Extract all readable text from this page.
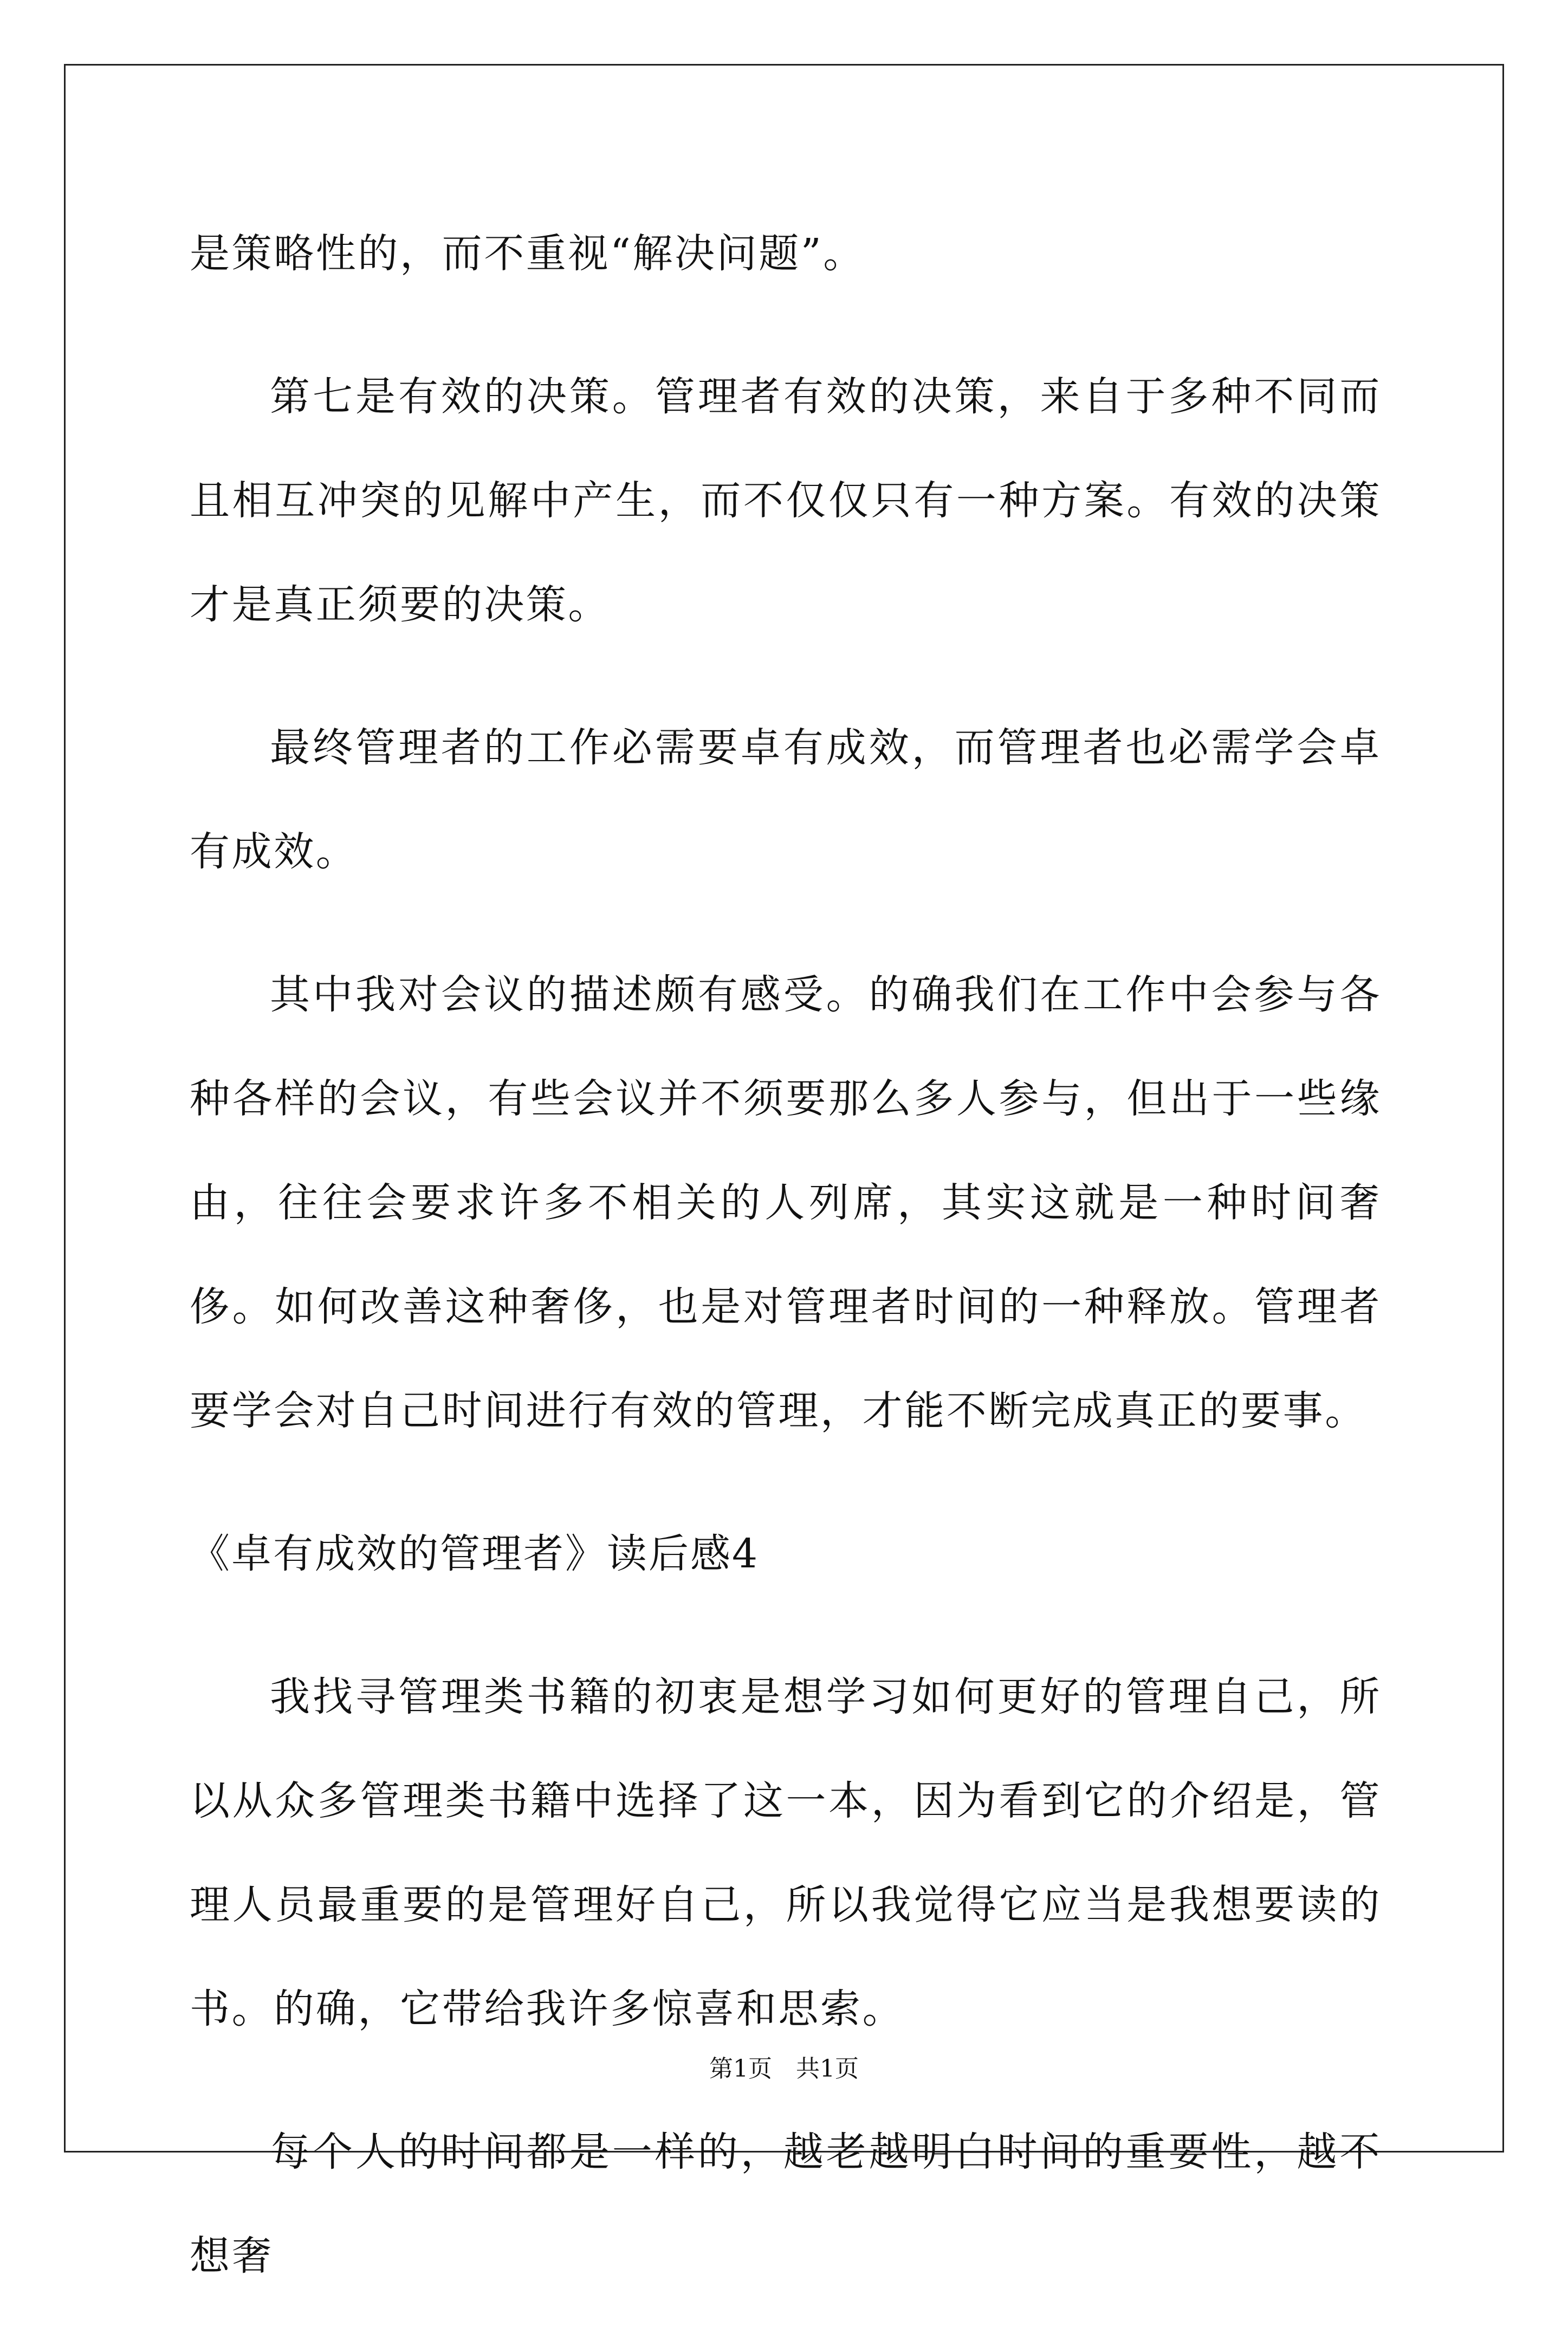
是策略性的，而不重视“解决问题”。

第七是有效的决策。管理者有效的决策，来自于多种不同而且相互冲突的见解中产生，而不仅仅只有一种方案。有效的决策才是真正须要的决策。

最终管理者的工作必需要卓有成效，而管理者也必需学会卓有成效。

其中我对会议的描述颇有感受。的确我们在工作中会参与各种各样的会议，有些会议并不须要那么多人参与，但出于一些缘由，往往会要求许多不相关的人列席，其实这就是一种时间奢侈。如何改善这种奢侈，也是对管理者时间的一种释放。管理者要学会对自己时间进行有效的管理，才能不断完成真正的要事。

《卓有成效的管理者》读后感4

我找寻管理类书籍的初衷是想学习如何更好的管理自己，所以从众多管理类书籍中选择了这一本，因为看到它的介绍是，管理人员最重要的是管理好自己，所以我觉得它应当是我想要读的书。的确，它带给我许多惊喜和思索。

每个人的时间都是一样的，越老越明白时间的重要性，越不想奢

第1页　共1页
